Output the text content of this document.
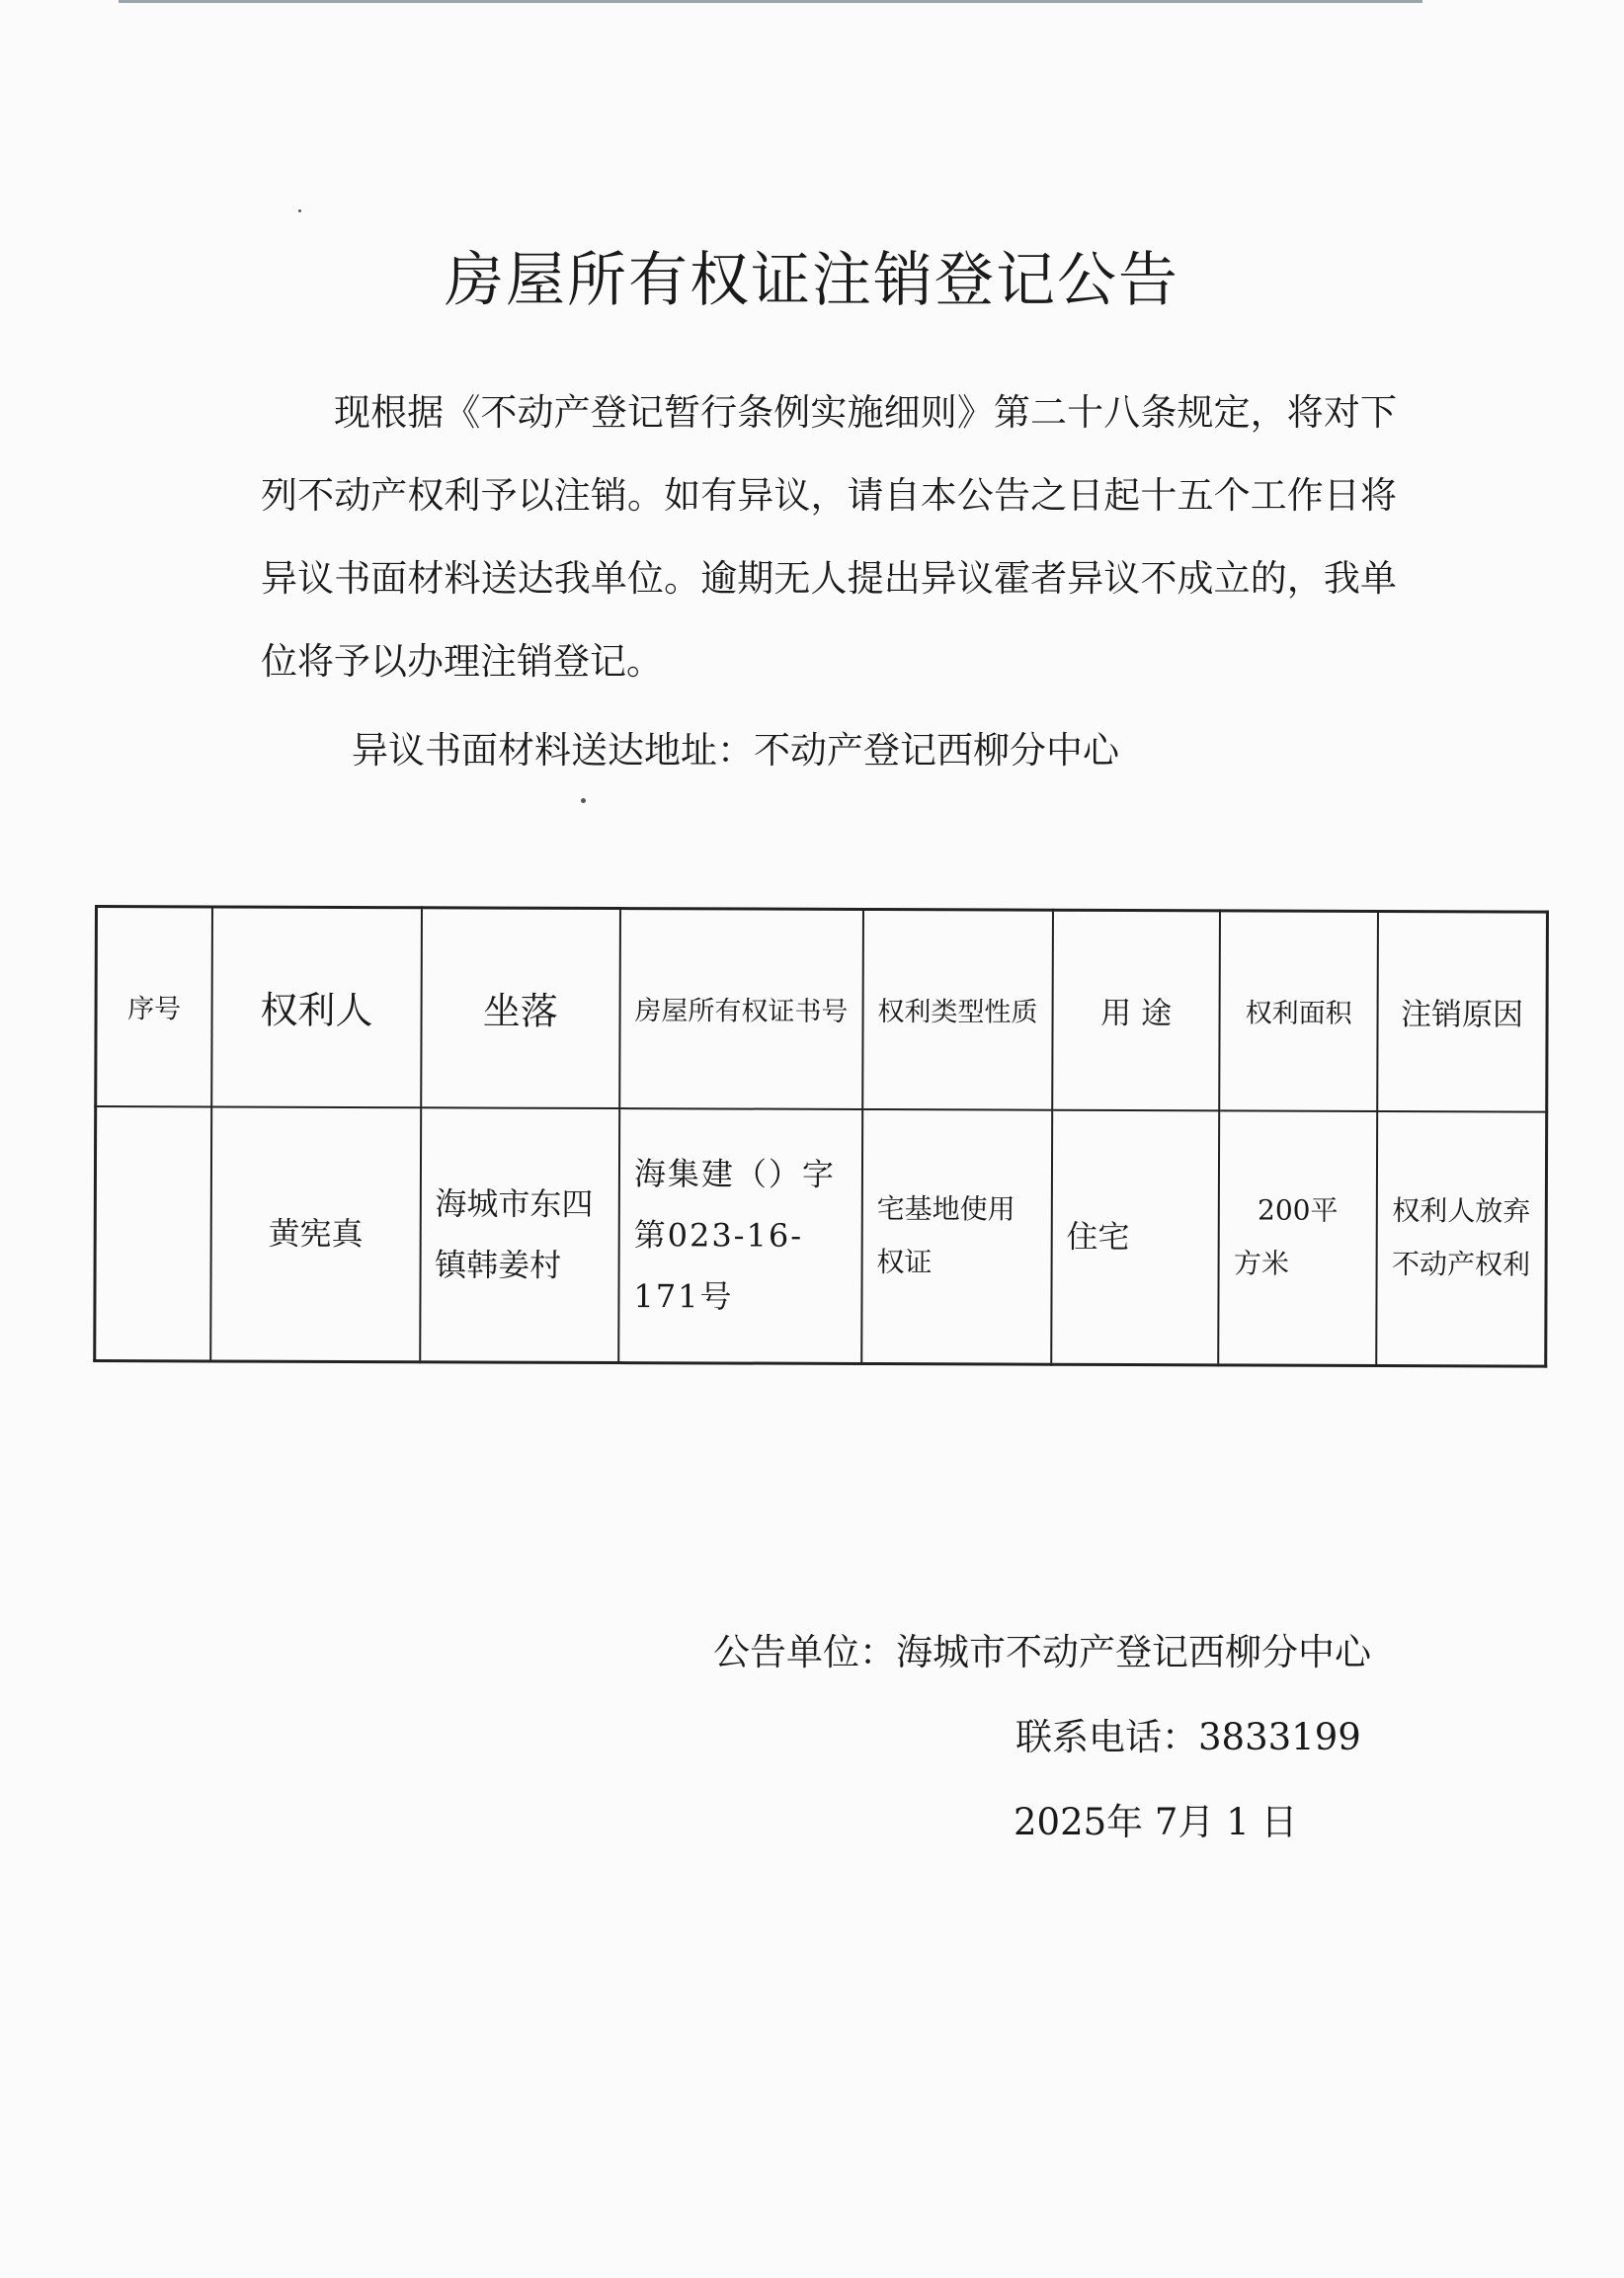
房屋所有权证注销登记公告

现根据《不动产登记暂行条例实施细则》第二十八条规定，将对下列不动产权利予以注销。如有异议，请自本公告之日起十五个工作日将异议书面材料送达我单位。逾期无人提出异议霍者异议不成立的，我单位将予以办理注销登记。

异议书面材料送达地址：不动产登记西柳分中心

序号	权利人	坐落	房屋所有权证书号	权利类型性质	用 途	权利面积	注销原因
	黄宪真	海城市东四镇韩姜村	海集建（）字第023-16-171号	宅基地使用权证	住宅	200平方米	权利人放弃不动产权利

公告单位：海城市不动产登记西柳分中心

联系电话：3833199

2025年 7月 1 日
